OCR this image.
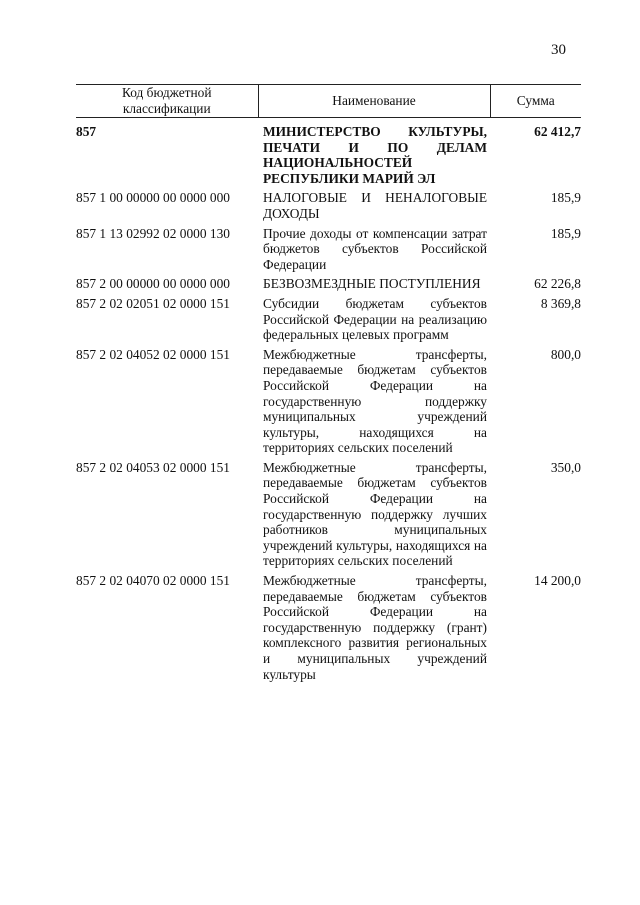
30
Код бюджетной классификации	Наименование	Сумма
857	МИНИСТЕРСТВО КУЛЬТУРЫ, ПЕЧАТИ И ПО ДЕЛАМ НАЦИОНАЛЬНОСТЕЙ РЕСПУБЛИКИ МАРИЙ ЭЛ	62 412,7
857 1 00 00000 00 0000 000	НАЛОГОВЫЕ И НЕНАЛОГОВЫЕ ДОХОДЫ	185,9
857 1 13 02992 02 0000 130	Прочие доходы от компенсации затрат бюджетов субъектов Российской Федерации	185,9
857 2 00 00000 00 0000 000	БЕЗВОЗМЕЗДНЫЕ ПОСТУПЛЕНИЯ	62 226,8
857 2 02 02051 02 0000 151	Субсидии бюджетам субъектов Российской Федерации на реализацию федеральных целевых программ	8 369,8
857 2 02 04052 02 0000 151	Межбюджетные трансферты, передаваемые бюджетам субъектов Российской Федерации на государственную поддержку муниципальных учреждений культуры, находящихся на территориях сельских поселений	800,0
857 2 02 04053 02 0000 151	Межбюджетные трансферты, передаваемые бюджетам субъектов Российской Федерации на государственную поддержку лучших работников муниципальных учреждений культуры, находящихся на территориях сельских поселений	350,0
857 2 02 04070 02 0000 151	Межбюджетные трансферты, передаваемые бюджетам субъектов Российской Федерации на государственную поддержку (грант) комплексного развития региональных и муниципальных учреждений культуры	14 200,0
